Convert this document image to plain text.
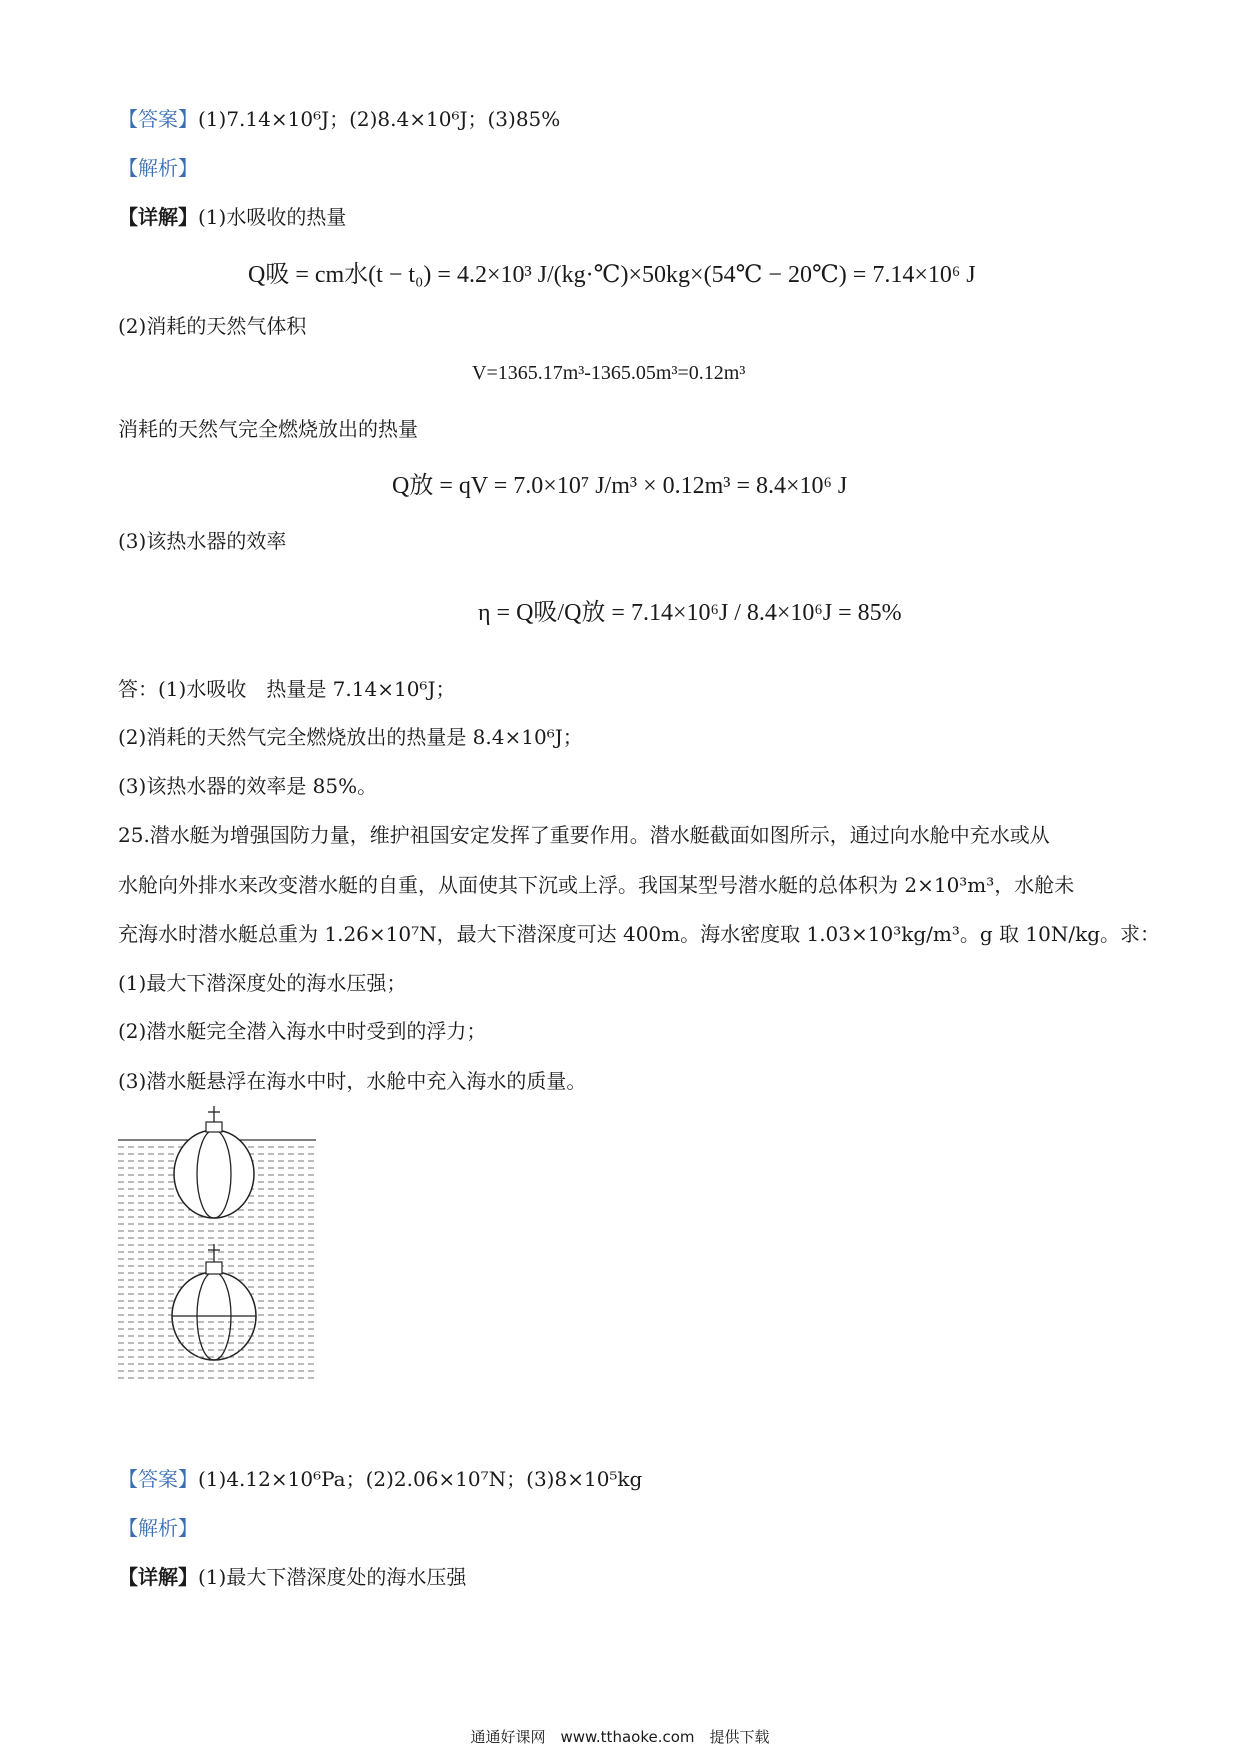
【答案】(1)7.14×10⁶J；(2)8.4×10⁶J；(3)85%
【解析】
【详解】(1)水吸收的热量
Q吸 = cm水(t − t₀) = 4.2×10³ J/(kg·℃)×50kg×(54℃ − 20℃) = 7.14×10⁶ J
(2)消耗的天然气体积
V=1365.17m³-1365.05m³=0.12m³
消耗的天然气完全燃烧放出的热量
Q放 = qV = 7.0×10⁷ J/m³ × 0.12m³ = 8.4×10⁶ J
(3)该热水器的效率
η = Q吸/Q放 = 7.14×10⁶J / 8.4×10⁶J = 85%
答：(1)水吸收　热量是 7.14×10⁶J；
(2)消耗的天然气完全燃烧放出的热量是 8.4×10⁶J；
(3)该热水器的效率是 85%。
25.潜水艇为增强国防力量，维护祖国安定发挥了重要作用。潜水艇截面如图所示，通过向水舱中充水或从
水舱向外排水来改变潜水艇的自重，从面使其下沉或上浮。我国某型号潜水艇的总体积为 2×10³m³，水舱未
充海水时潜水艇总重为 1.26×10⁷N，最大下潜深度可达 400m。海水密度取 1.03×10³kg/m³。g 取 10N/kg。求：
(1)最大下潜深度处的海水压强；
(2)潜水艇完全潜入海水中时受到的浮力；
(3)潜水艇悬浮在海水中时，水舱中充入海水的质量。
【答案】(1)4.12×10⁶Pa；(2)2.06×10⁷N；(3)8×10⁵kg
【解析】
【详解】(1)最大下潜深度处的海水压强
通通好课网　www.tthaoke.com　提供下载
